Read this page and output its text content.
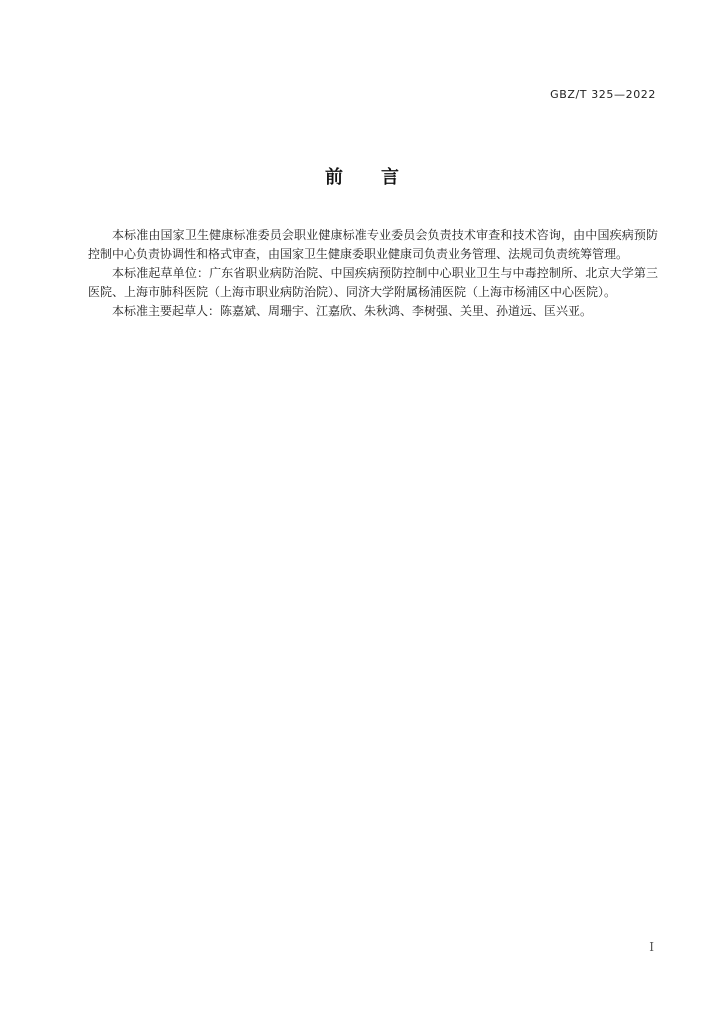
GBZ/T 325—2022
前 言

本标准由国家卫生健康标准委员会职业健康标准专业委员会负责技术审查和技术咨询，由中国疾病预防控制中心负责协调性和格式审查，由国家卫生健康委职业健康司负责业务管理、法规司负责统筹管理。

本标准起草单位：广东省职业病防治院、中国疾病预防控制中心职业卫生与中毒控制所、北京大学第三医院、上海市肺科医院（上海市职业病防治院）、同济大学附属杨浦医院（上海市杨浦区中心医院）。

本标准主要起草人：陈嘉斌、周珊宇、江嘉欣、朱秋鸿、李树强、关里、孙道远、匡兴亚。

I
